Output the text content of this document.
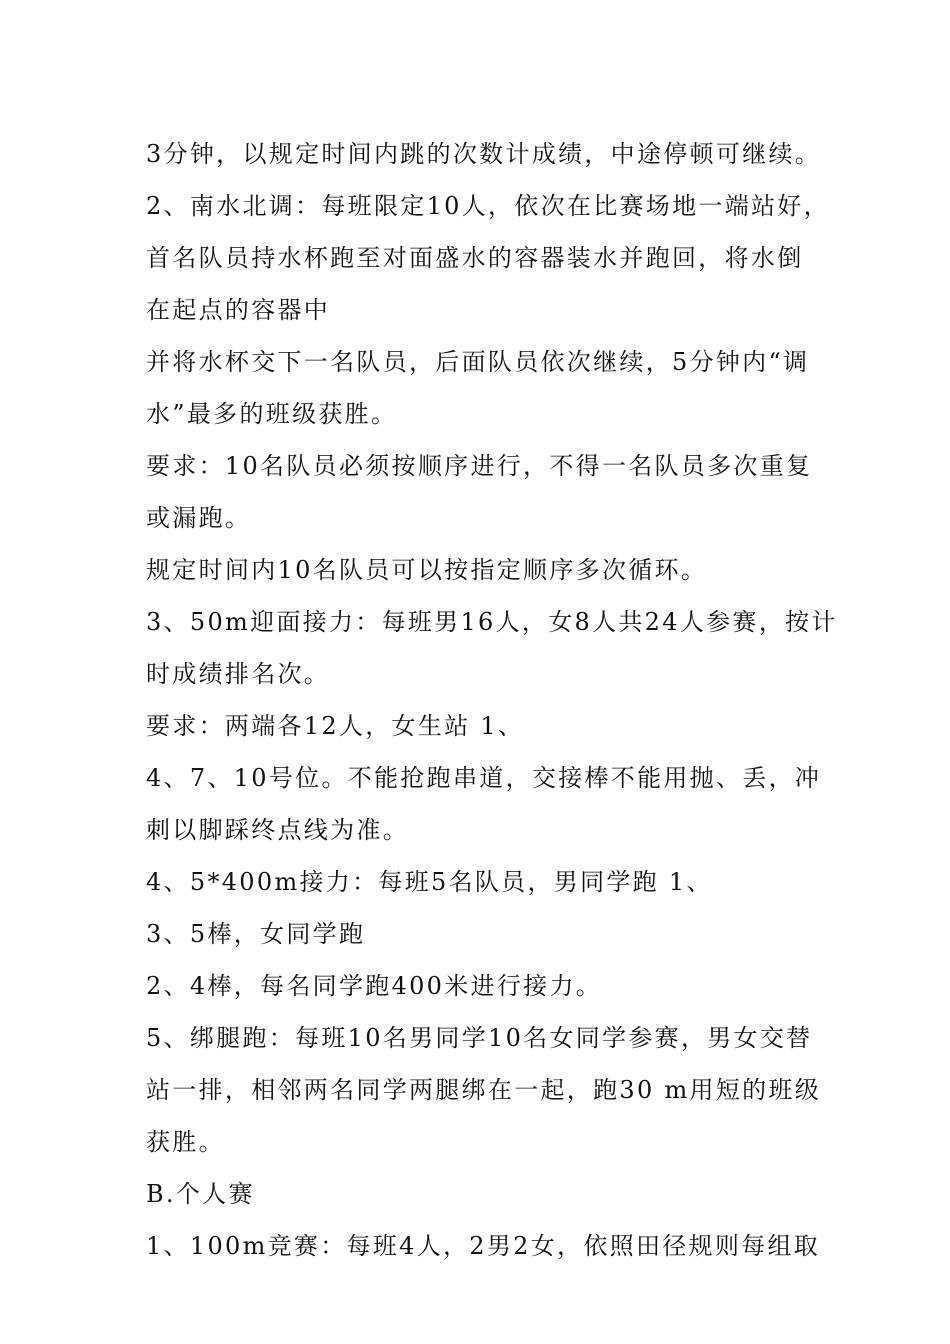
3分钟，以规定时间内跳的次数计成绩，中途停顿可继续。

2、南水北调：每班限定10人，依次在比赛场地一端站好，

首名队员持水杯跑至对面盛水的容器装水并跑回，将水倒

在起点的容器中

并将水杯交下一名队员，后面队员依次继续，5分钟内“调

水”最多的班级获胜。

要求：10名队员必须按顺序进行，不得一名队员多次重复

或漏跑。

规定时间内10名队员可以按指定顺序多次循环。

3、50m迎面接力：每班男16人，女8人共24人参赛，按计

时成绩排名次。

要求：两端各12人，女生站 1、

4、7、10号位。不能抢跑串道，交接棒不能用抛、丢，冲

刺以脚踩终点线为准。

4、5*400m接力：每班5名队员，男同学跑 1、

3、5棒，女同学跑

2、4棒，每名同学跑400米进行接力。

5、绑腿跑：每班10名男同学10名女同学参赛，男女交替

站一排，相邻两名同学两腿绑在一起，跑30 m用短的班级

获胜。

B.个人赛

1、100m竞赛：每班4人，2男2女，依照田径规则每组取
